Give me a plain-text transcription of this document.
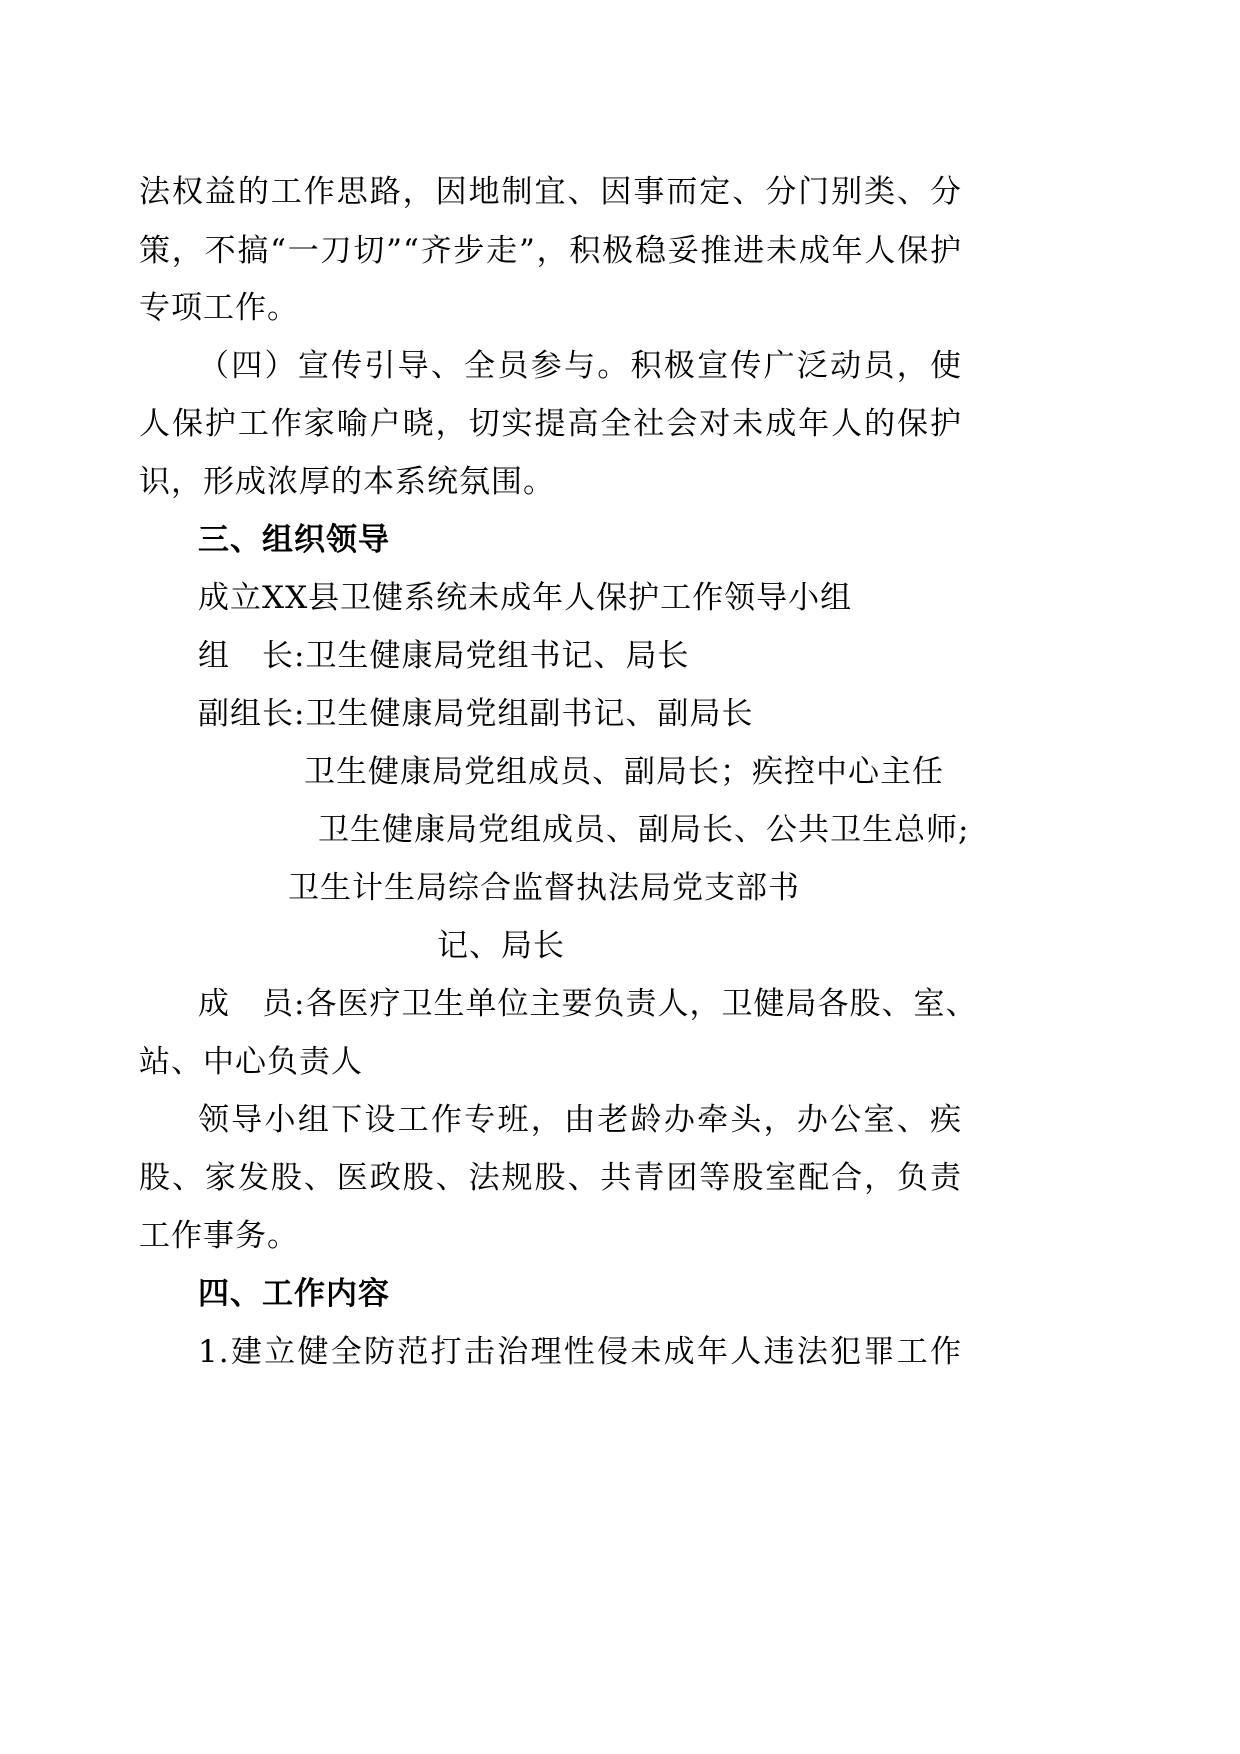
法权益的工作思路，因地制宜、因事而定、分门别类、分
策，不搞“一刀切”“齐步走”，积极稳妥推进未成年人保护
专项工作。
（四）宣传引导、全员参与。积极宣传广泛动员，使
人保护工作家喻户晓，切实提高全社会对未成年人的保护
识，形成浓厚的本系统氛围。
三、组织领导
成立XX县卫健系统未成年人保护工作领导小组
组　长:卫生健康局党组书记、局长
副组长:卫生健康局党组副书记、副局长
卫生健康局党组成员、副局长；疾控中心主任
卫生健康局党组成员、副局长、公共卫生总师;
卫生计生局综合监督执法局党支部书
记、局长
成　员:各医疗卫生单位主要负责人，卫健局各股、室、
站、中心负责人
领导小组下设工作专班，由老龄办牵头，办公室、疾
股、家发股、医政股、法规股、共青团等股室配合，负责
工作事务。
四、工作内容
1.建立健全防范打击治理性侵未成年人违法犯罪工作
